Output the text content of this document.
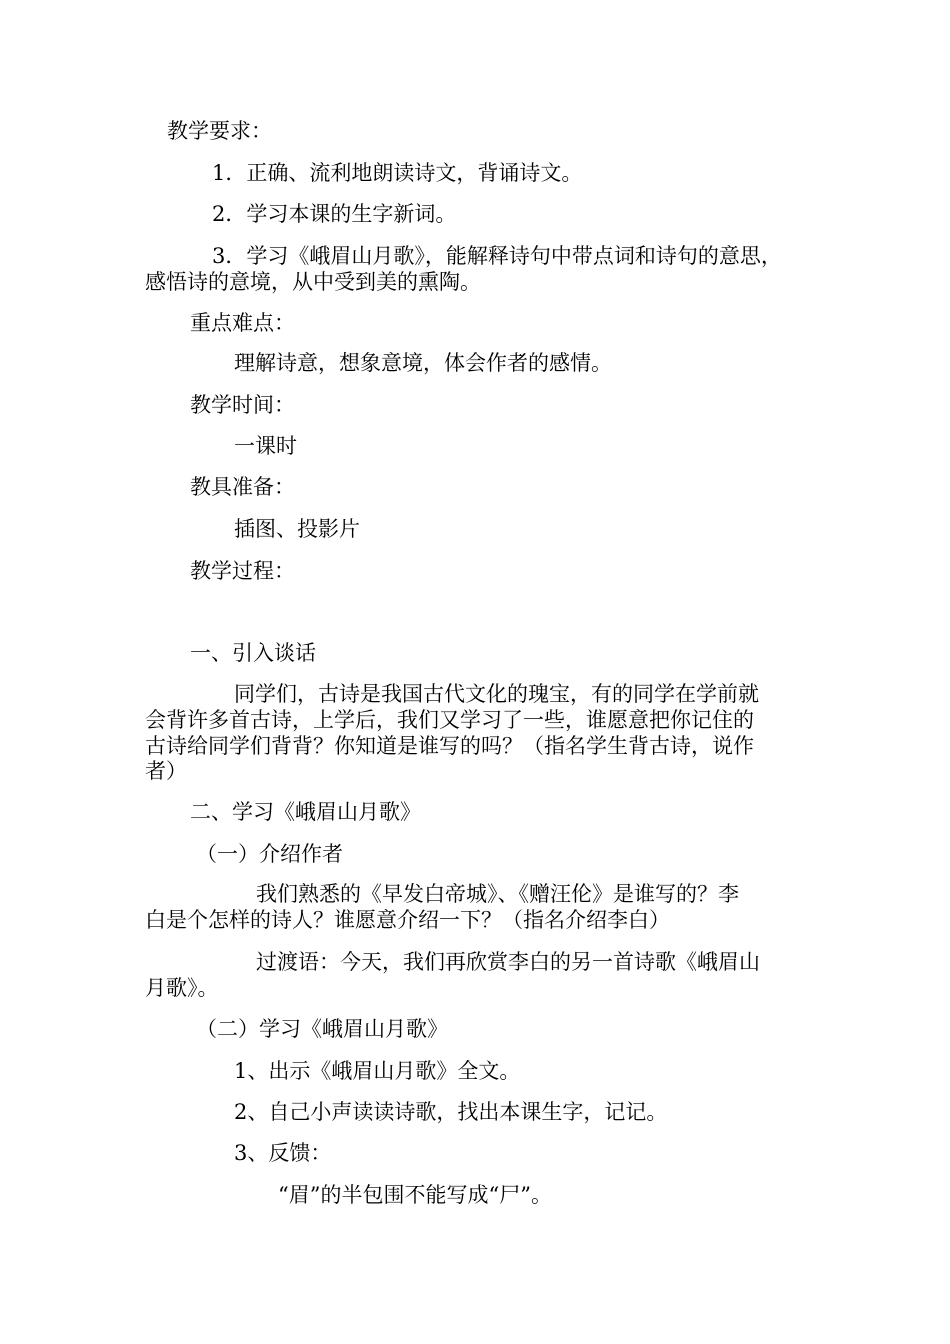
教学要求：
1．正确、流利地朗读诗文，背诵诗文。
2．学习本课的生字新词。
3．学习《峨眉山月歌》，能解释诗句中带点词和诗句的意思，
感悟诗的意境，从中受到美的熏陶。
重点难点：
理解诗意，想象意境，体会作者的感情。
教学时间：
一课时
教具准备：
插图、投影片
教学过程：
一、引入谈话
同学们，古诗是我国古代文化的瑰宝，有的同学在学前就
会背许多首古诗，上学后，我们又学习了一些，谁愿意把你记住的
古诗给同学们背背？你知道是谁写的吗？（指名学生背古诗，说作
者）
二、学习《峨眉山月歌》
（一）介绍作者
我们熟悉的《早发白帝城》、《赠汪伦》是谁写的？李
白是个怎样的诗人？谁愿意介绍一下？（指名介绍李白）
过渡语：今天，我们再欣赏李白的另一首诗歌《峨眉山
月歌》。
（二）学习《峨眉山月歌》
1、出示《峨眉山月歌》全文。
2、自己小声读读诗歌，找出本课生字，记记。
3、反馈：
“眉”的半包围不能写成“尸”。
